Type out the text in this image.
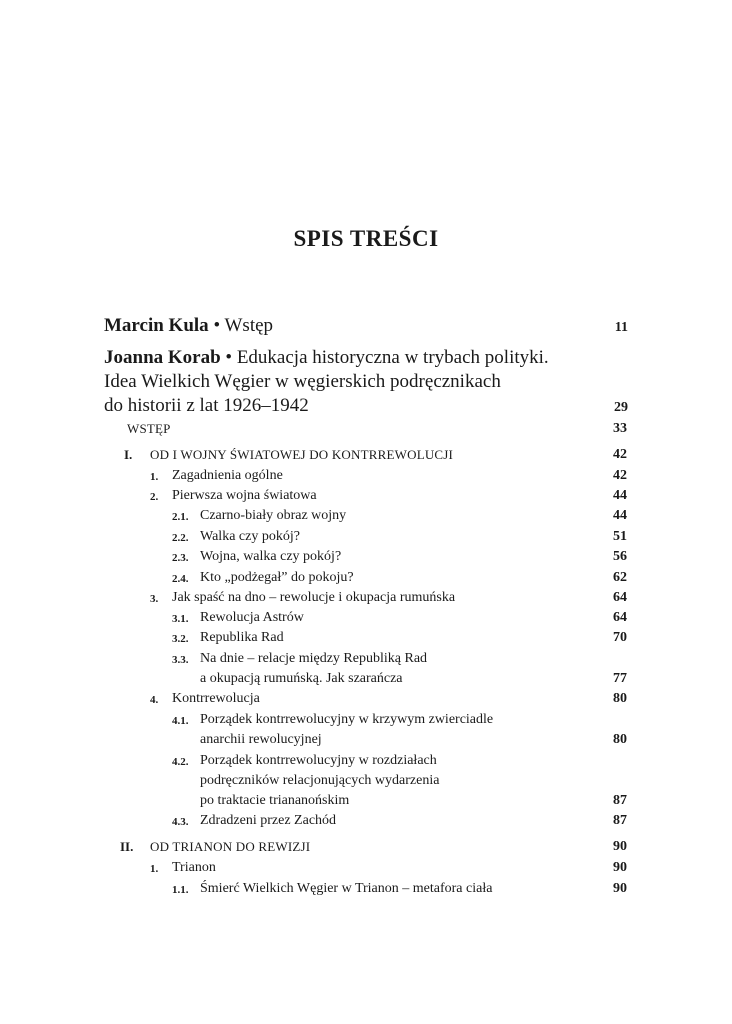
SPIS TREŚCI
Marcin Kula • Wstęp	11
Joanna Korab • Edukacja historyczna w trybach polityki.
Idea Wielkich Węgier w węgierskich podręcznikach
do historii z lat 1926–1942	29
WSTĘP	33
I. OD I WOJNY ŚWIATOWEJ DO KONTRREWOLUCJI	42
1. Zagadnienia ogólne	42
2. Pierwsza wojna światowa	44
2.1. Czarno-biały obraz wojny	44
2.2. Walka czy pokój?	51
2.3. Wojna, walka czy pokój?	56
2.4. Kto „podżegał” do pokoju?	62
3. Jak spaść na dno – rewolucje i okupacja rumuńska	64
3.1. Rewolucja Astrów	64
3.2. Republika Rad	70
3.3. Na dnie – relacje między Republiką Rad
a okupacją rumuńską. Jak szarańcza	77
4. Kontrrewolucja	80
4.1. Porządek kontrrewolucyjny w krzywym zwierciadle
anarchii rewolucyjnej	80
4.2. Porządek kontrrewolucyjny w rozdziałach
podręczników relacjonujących wydarzenia
po traktacie triananońskim	87
4.3. Zdradzeni przez Zachód	87
II. OD TRIANON DO REWIZJI	90
1. Trianon	90
1.1. Śmierć Wielkich Węgier w Trianon – metafora ciała	90
